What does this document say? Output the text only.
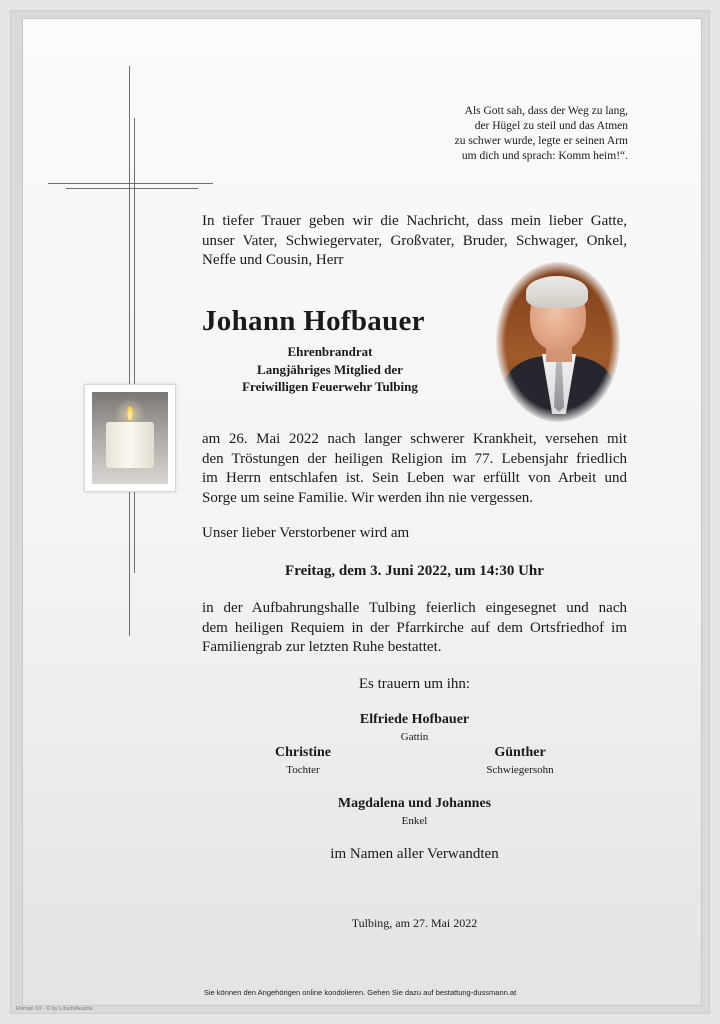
Als Gott sah, dass der Weg zu lang,
der Hügel zu steil und das Atmen
zu schwer wurde, legte er seinen Arm
um dich und sprach: Komm heim!“.
In tiefer Trauer geben wir die Nachricht, dass mein lieber Gatte,
unser Vater, Schwiegervater, Großvater, Bruder, Schwager, Onkel,
Neffe und Cousin, Herr
Johann Hofbauer
Ehrenbrandrat
Langjähriges Mitglied der
Freiwilligen Feuerwehr Tulbing
am 26. Mai 2022 nach langer schwerer Krankheit, versehen mit
den Tröstungen der heiligen Religion im 77. Lebensjahr friedlich
im Herrn entschlafen ist. Sein Leben war erfüllt von Arbeit und
Sorge um seine Familie. Wir werden ihn nie vergessen.
Unser lieber Verstorbener wird am
Freitag, dem 3. Juni 2022, um 14:30 Uhr
in der Aufbahrungshalle Tulbing feierlich eingesegnet und nach
dem heiligen Requiem in der Pfarrkirche auf dem Ortsfriedhof im
Familiengrab zur letzten Ruhe bestattet.
Es trauern um ihn:
Elfriede Hofbauer
Gattin
Christine
Tochter
Günther
Schwiegersohn
Magdalena und Johannes
Enkel
im Namen aller Verwandten
Tulbing, am 27. Mai 2022
Sie können den Angehörigen online kondolieren. Gehen Sie dazu auf bestattung-dussmann.at
Roman 10 - © by Lösch/Austria
